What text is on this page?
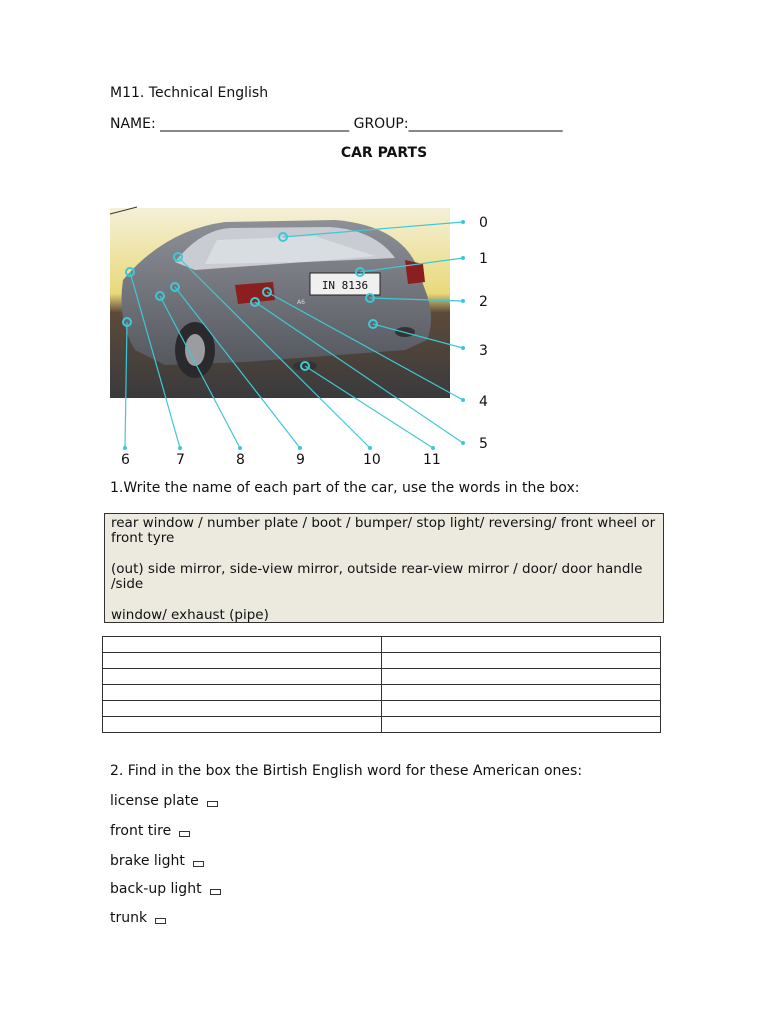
M11. Technical English
NAME: ___________________________ GROUP:______________________
CAR PARTS
IN 8136
A6
0
1
2
3
4
5
6	7	8	9	10	11
1.Write the name of each part of the car, use the words in the box:

rear window / number plate / boot / bumper/ stop light/ reversing/ front wheel or front tyre

(out) side mirror, side-view mirror, outside rear-view mirror / door/ door handle /side

window/ exhaust (pipe)

2. Find in the box the Birtish English word for these American ones:
license plate
front tire
brake light
back-up light
trunk
